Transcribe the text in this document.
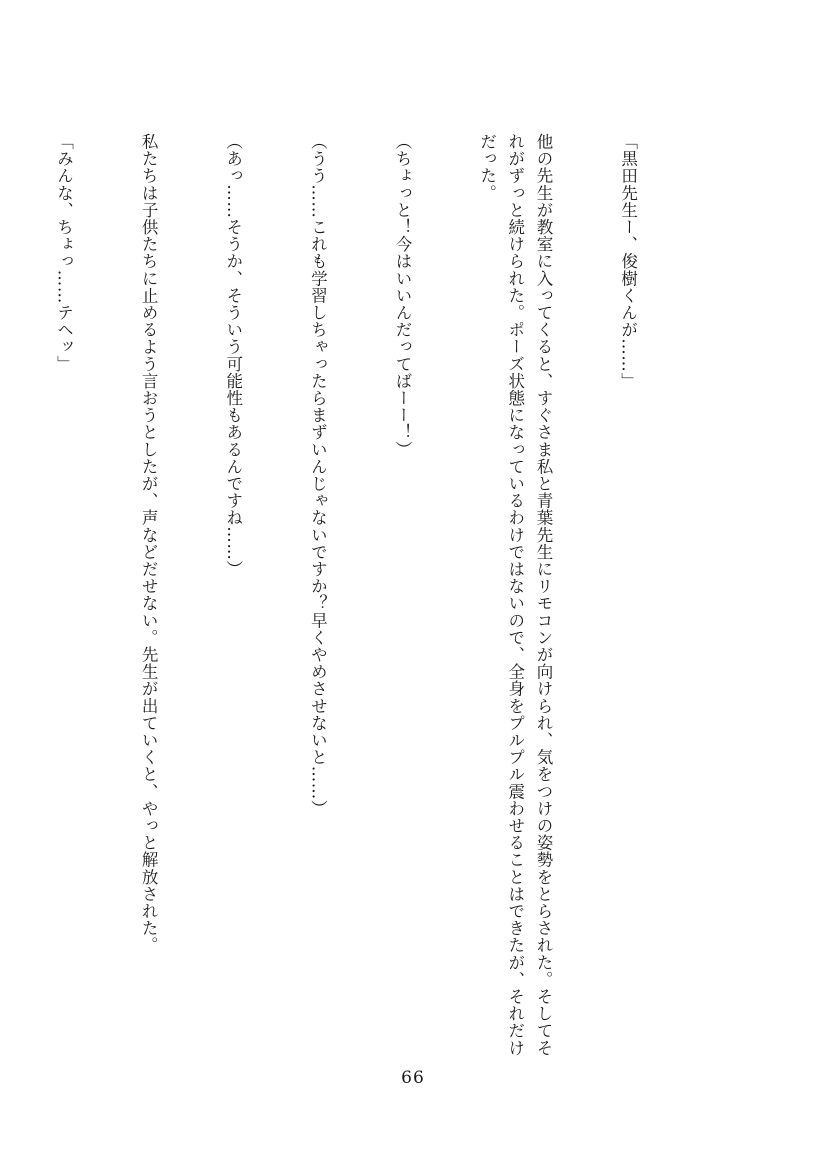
「黒田先生ー、俊樹くんが……」

他の先生が教室に入ってくると、すぐさま私と青葉先生にリモコンが向けられ、気をつけの姿勢をとらされた。そしてそれがずっと続けられた。ポーズ状態になっているわけではないので、全身をプルプル震わせることはできたが、それだけだった。

（ちょっと！今はいいんだってばーー！）

（うう……これも学習しちゃったらまずいんじゃないですか？早くやめさせないと……）

（あっ……そうか、そういう可能性もあるんですね……）

私たちは子供たちに止めるよう言おうとしたが、声などだせない。先生が出ていくと、やっと解放された。

「みんな、ちょっ……テヘッ」

66
